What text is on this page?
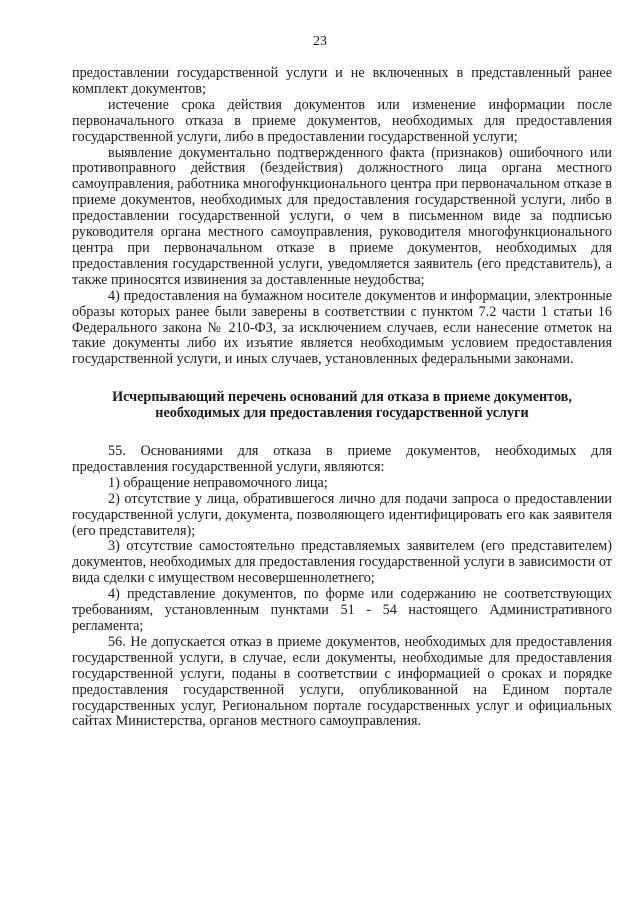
23

предоставлении государственной услуги и не включенных в представленный ранее комплект документов;

истечение срока действия документов или изменение информации после первоначального отказа в приеме документов, необходимых для предоставления государственной услуги, либо в предоставлении государственной услуги;

выявление документально подтвержденного факта (признаков) ошибочного или противоправного действия (бездействия) должностного лица органа местного самоуправления, работника многофункционального центра при первоначальном отказе в приеме документов, необходимых для предоставления государственной услуги, либо в предоставлении государственной услуги, о чем в письменном виде за подписью руководителя органа местного самоуправления, руководителя многофункционального центра при первоначальном отказе в приеме документов, необходимых для предоставления государственной услуги, уведомляется заявитель (его представитель), а также приносятся извинения за доставленные неудобства;

4) предоставления на бумажном носителе документов и информации, электронные образы которых ранее были заверены в соответствии с пунктом 7.2 части 1 статьи 16 Федерального закона № 210-ФЗ, за исключением случаев, если нанесение отметок на такие документы либо их изъятие является необходимым условием предоставления государственной услуги, и иных случаев, установленных федеральными законами.

Исчерпывающий перечень оснований для отказа в приеме документов,
необходимых для предоставления государственной услуги

55. Основаниями для отказа в приеме документов, необходимых для предоставления государственной услуги, являются:

1) обращение неправомочного лица;

2) отсутствие у лица, обратившегося лично для подачи запроса о предоставлении государственной услуги, документа, позволяющего идентифицировать его как заявителя (его представителя);

3) отсутствие самостоятельно представляемых заявителем (его представителем) документов, необходимых для предоставления государственной услуги в зависимости от вида сделки с имуществом несовершеннолетнего;

4) представление документов, по форме или содержанию не соответствующих требованиям, установленным пунктами 51 - 54 настоящего Административного регламента;

56. Не допускается отказ в приеме документов, необходимых для предоставления государственной услуги, в случае, если документы, необходимые для предоставления государственной услуги, поданы в соответствии с информацией о сроках и порядке предоставления государственной услуги, опубликованной на Едином портале государственных услуг, Региональном портале государственных услуг и официальных сайтах Министерства, органов местного самоуправления.
